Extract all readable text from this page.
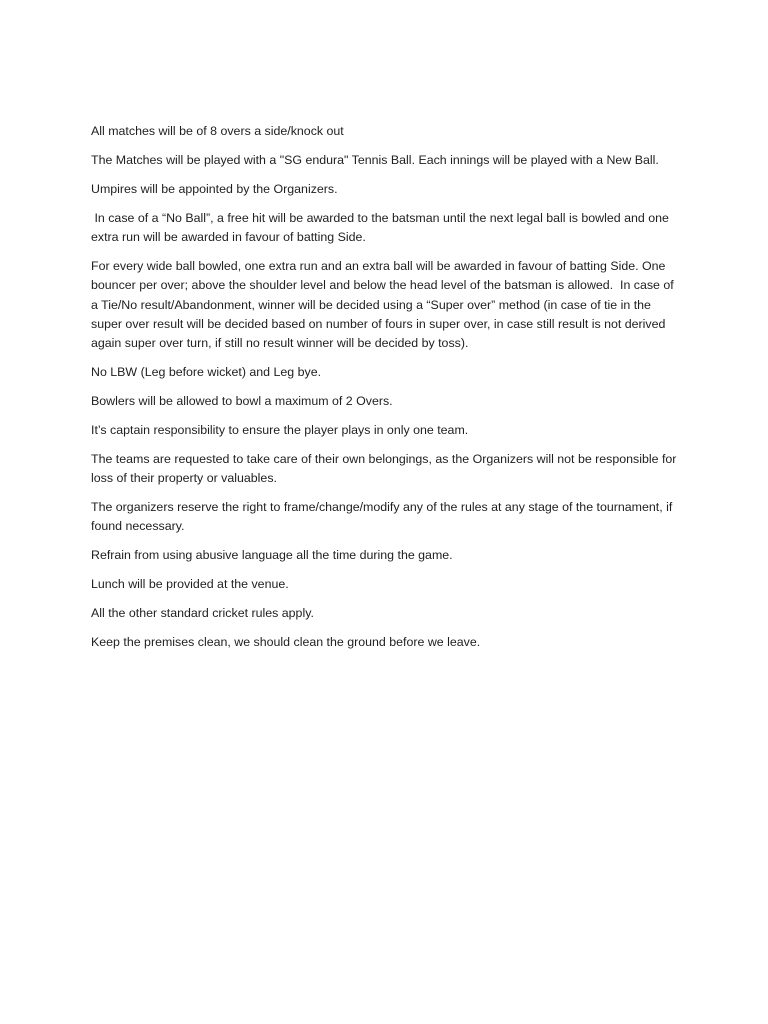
All matches will be of 8 overs a side/knock out

The Matches will be played with a "SG endura" Tennis Ball. Each innings will be played with a New Ball.

Umpires will be appointed by the Organizers.

In case of a “No Ball”, a free hit will be awarded to the batsman until the next legal ball is bowled and one extra run will be awarded in favour of batting Side.

For every wide ball bowled, one extra run and an extra ball will be awarded in favour of batting Side. One bouncer per over; above the shoulder level and below the head level of the batsman is allowed.  In case of a Tie/No result/Abandonment, winner will be decided using a “Super over” method (in case of tie in the super over result will be decided based on number of fours in super over, in case still result is not derived again super over turn, if still no result winner will be decided by toss).

No LBW (Leg before wicket) and Leg bye.

Bowlers will be allowed to bowl a maximum of 2 Overs.

It’s captain responsibility to ensure the player plays in only one team.

The teams are requested to take care of their own belongings, as the Organizers will not be responsible for loss of their property or valuables.

The organizers reserve the right to frame/change/modify any of the rules at any stage of the tournament, if found necessary.

Refrain from using abusive language all the time during the game.

Lunch will be provided at the venue.

All the other standard cricket rules apply.

Keep the premises clean, we should clean the ground before we leave.
